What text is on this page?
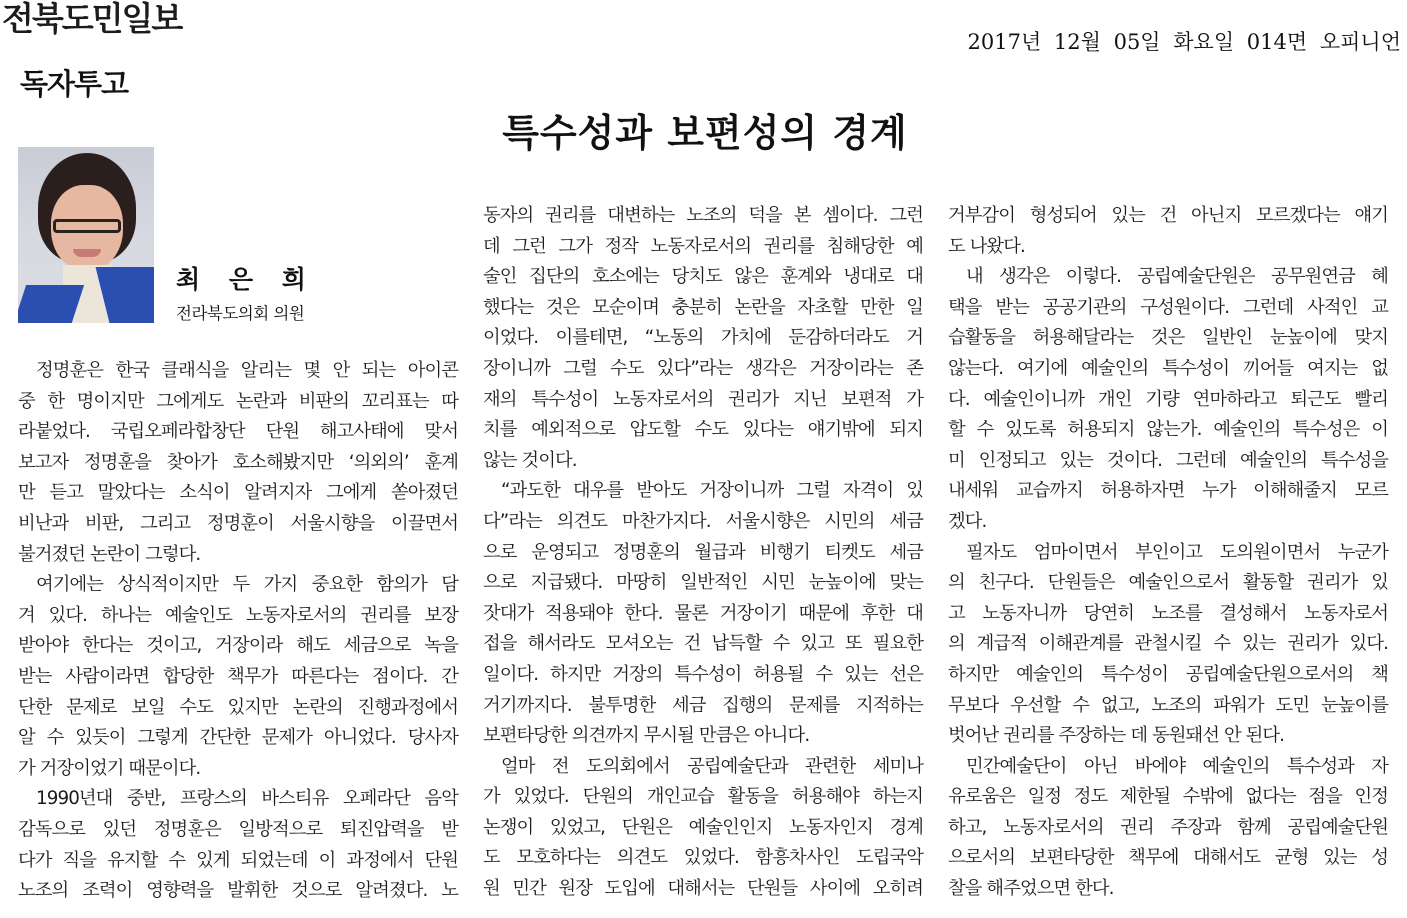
전북도민일보
2017년 12월 05일 화요일 014면 오피니언
독자투고
특수성과 보편성의 경계
최 은 희
전라북도의회 의원
정명훈은 한국 클래식을 알리는 몇 안 되는 아이콘
중 한 명이지만 그에게도 논란과 비판의 꼬리표는 따
라붙었다. 국립오페라합창단 단원 해고사태에 맞서
보고자 정명훈을 찾아가 호소해봤지만 ‘의외의’ 훈계
만 듣고 말았다는 소식이 알려지자 그에게 쏟아졌던
비난과 비판, 그리고 정명훈이 서울시향을 이끌면서
불거졌던 논란이 그렇다.
여기에는 상식적이지만 두 가지 중요한 함의가 담
겨 있다. 하나는 예술인도 노동자로서의 권리를 보장
받아야 한다는 것이고, 거장이라 해도 세금으로 녹을
받는 사람이라면 합당한 책무가 따른다는 점이다. 간
단한 문제로 보일 수도 있지만 논란의 진행과정에서
알 수 있듯이 그렇게 간단한 문제가 아니었다. 당사자
가 거장이었기 때문이다.
1990년대 중반, 프랑스의 바스티유 오페라단 음악
감독으로 있던 정명훈은 일방적으로 퇴진압력을 받
다가 직을 유지할 수 있게 되었는데 이 과정에서 단원
노조의 조력이 영향력을 발휘한 것으로 알려졌다. 노
동자의 권리를 대변하는 노조의 덕을 본 셈이다. 그런
데 그런 그가 정작 노동자로서의 권리를 침해당한 예
술인 집단의 호소에는 당치도 않은 훈계와 냉대로 대
했다는 것은 모순이며 충분히 논란을 자초할 만한 일
이었다. 이를테면, “노동의 가치에 둔감하더라도 거
장이니까 그럴 수도 있다”라는 생각은 거장이라는 존
재의 특수성이 노동자로서의 권리가 지닌 보편적 가
치를 예외적으로 압도할 수도 있다는 얘기밖에 되지
않는 것이다.
“과도한 대우를 받아도 거장이니까 그럴 자격이 있
다”라는 의견도 마찬가지다. 서울시향은 시민의 세금
으로 운영되고 정명훈의 월급과 비행기 티켓도 세금
으로 지급됐다. 마땅히 일반적인 시민 눈높이에 맞는
잣대가 적용돼야 한다. 물론 거장이기 때문에 후한 대
접을 해서라도 모셔오는 건 납득할 수 있고 또 필요한
일이다. 하지만 거장의 특수성이 허용될 수 있는 선은
거기까지다. 불투명한 세금 집행의 문제를 지적하는
보편타당한 의견까지 무시될 만큼은 아니다.
얼마 전 도의회에서 공립예술단과 관련한 세미나
가 있었다. 단원의 개인교습 활동을 허용해야 하는지
논쟁이 있었고, 단원은 예술인인지 노동자인지 경계
도 모호하다는 의견도 있었다. 함흥차사인 도립국악
원 민간 원장 도입에 대해서는 단원들 사이에 오히려
거부감이 형성되어 있는 건 아닌지 모르겠다는 얘기
도 나왔다.
내 생각은 이렇다. 공립예술단원은 공무원연금 혜
택을 받는 공공기관의 구성원이다. 그런데 사적인 교
습활동을 허용해달라는 것은 일반인 눈높이에 맞지
않는다. 여기에 예술인의 특수성이 끼어들 여지는 없
다. 예술인이니까 개인 기량 연마하라고 퇴근도 빨리
할 수 있도록 허용되지 않는가. 예술인의 특수성은 이
미 인정되고 있는 것이다. 그런데 예술인의 특수성을
내세워 교습까지 허용하자면 누가 이해해줄지 모르
겠다.
필자도 엄마이면서 부인이고 도의원이면서 누군가
의 친구다. 단원들은 예술인으로서 활동할 권리가 있
고 노동자니까 당연히 노조를 결성해서 노동자로서
의 계급적 이해관계를 관철시킬 수 있는 권리가 있다.
하지만 예술인의 특수성이 공립예술단원으로서의 책
무보다 우선할 수 없고, 노조의 파워가 도민 눈높이를
벗어난 권리를 주장하는 데 동원돼선 안 된다.
민간예술단이 아닌 바에야 예술인의 특수성과 자
유로움은 일정 정도 제한될 수밖에 없다는 점을 인정
하고, 노동자로서의 권리 주장과 함께 공립예술단원
으로서의 보편타당한 책무에 대해서도 균형 있는 성
찰을 해주었으면 한다.
